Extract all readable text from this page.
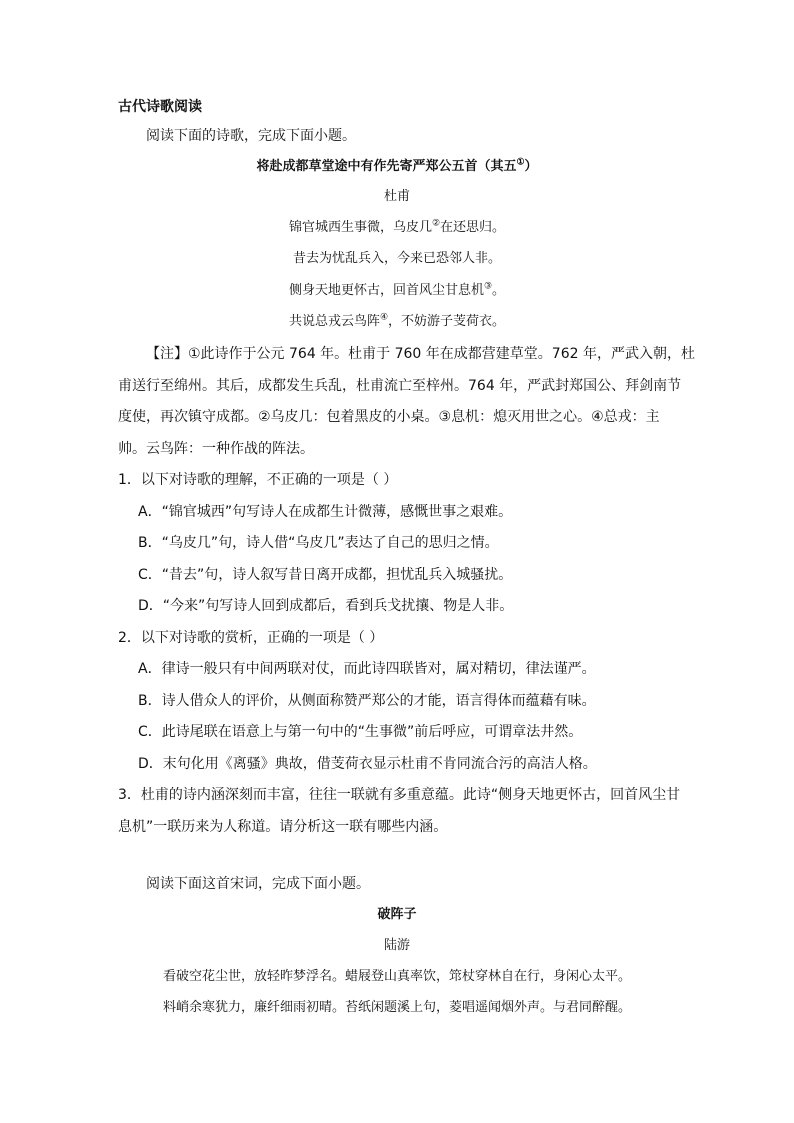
古代诗歌阅读
阅读下面的诗歌，完成下面小题。
将赴成都草堂途中有作先寄严郑公五首（其五①）
杜甫
锦官城西生事微，乌皮几②在还思归。
昔去为忧乱兵入，今来已恐邻人非。
侧身天地更怀古，回首风尘甘息机③。
共说总戎云鸟阵④，不妨游子芰荷衣。
【注】①此诗作于公元 764 年。杜甫于 760 年在成都营建草堂。762 年，严武入朝，杜
甫送行至绵州。其后，成都发生兵乱，杜甫流亡至梓州。764 年，严武封郑国公、拜剑南节
度使，再次镇守成都。②乌皮几：包着黑皮的小桌。③息机：熄灭用世之心。④总戎：主
帅。云鸟阵：一种作战的阵法。
1．以下对诗歌的理解，不正确的一项是（ ）
A．“锦官城西”句写诗人在成都生计微薄，感慨世事之艰难。
B．“乌皮几”句，诗人借“乌皮几”表达了自己的思归之情。
C．“昔去”句，诗人叙写昔日离开成都，担忧乱兵入城骚扰。
D．“今来”句写诗人回到成都后，看到兵戈扰攘、物是人非。
2．以下对诗歌的赏析，正确的一项是（ ）
A．律诗一般只有中间两联对仗，而此诗四联皆对，属对精切，律法谨严。
B．诗人借众人的评价，从侧面称赞严郑公的才能，语言得体而蕴藉有味。
C．此诗尾联在语意上与第一句中的“生事微”前后呼应，可谓章法井然。
D．末句化用《离骚》典故，借芰荷衣显示杜甫不肯同流合污的高洁人格。
3．杜甫的诗内涵深刻而丰富，往往一联就有多重意蕴。此诗“侧身天地更怀古，回首风尘甘
息机”一联历来为人称道。请分析这一联有哪些内涵。
阅读下面这首宋词，完成下面小题。
破阵子
陆游
看破空花尘世，放轻昨梦浮名。蜡屐登山真率饮，筇杖穿林自在行，身闲心太平。
料峭余寒犹力，廉纤细雨初晴。苔纸闲题溪上句，菱唱遥闻烟外声。与君同醉醒。
